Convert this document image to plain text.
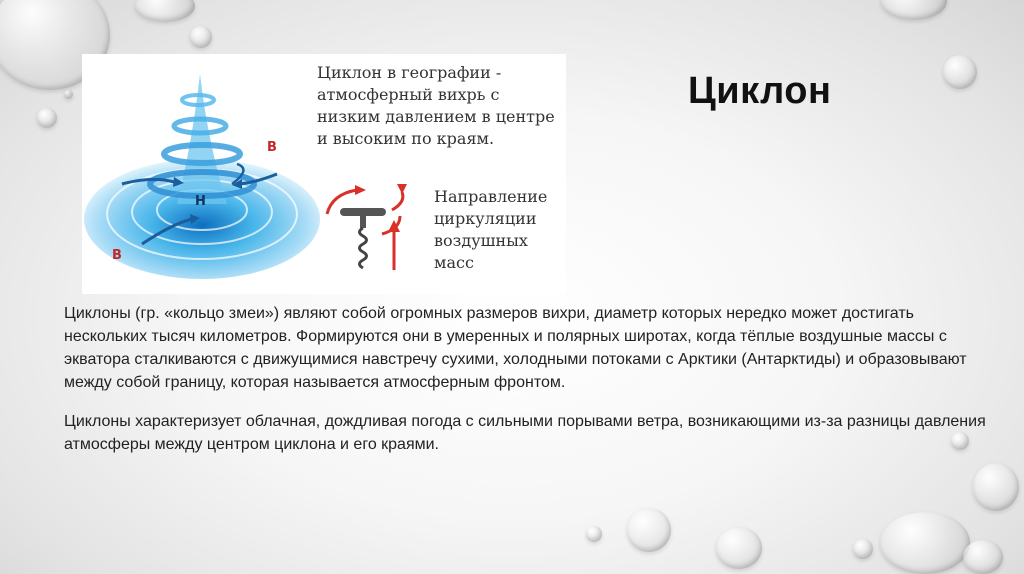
Циклон
Циклон в географии - атмосферный вихрь с низким давлением в центре и высоким по краям.
Направление циркуляции воздушных масс
Н
В
В

Циклоны (гр. «кольцо змеи») являют собой огромных размеров вихри, диаметр которых нередко может достигать нескольких тысяч километров. Формируются они в умеренных и полярных широтах, когда тёплые воздушные массы с экватора сталкиваются с движущимися навстречу сухими, холодными потоками с Арктики (Антарктиды) и образовывают между собой границу, которая называется атмосферным фронтом.

Циклоны характеризует облачная, дождливая погода с сильными порывами ветра, возникающими из-за разницы давления атмосферы между центром циклона и его краями.
